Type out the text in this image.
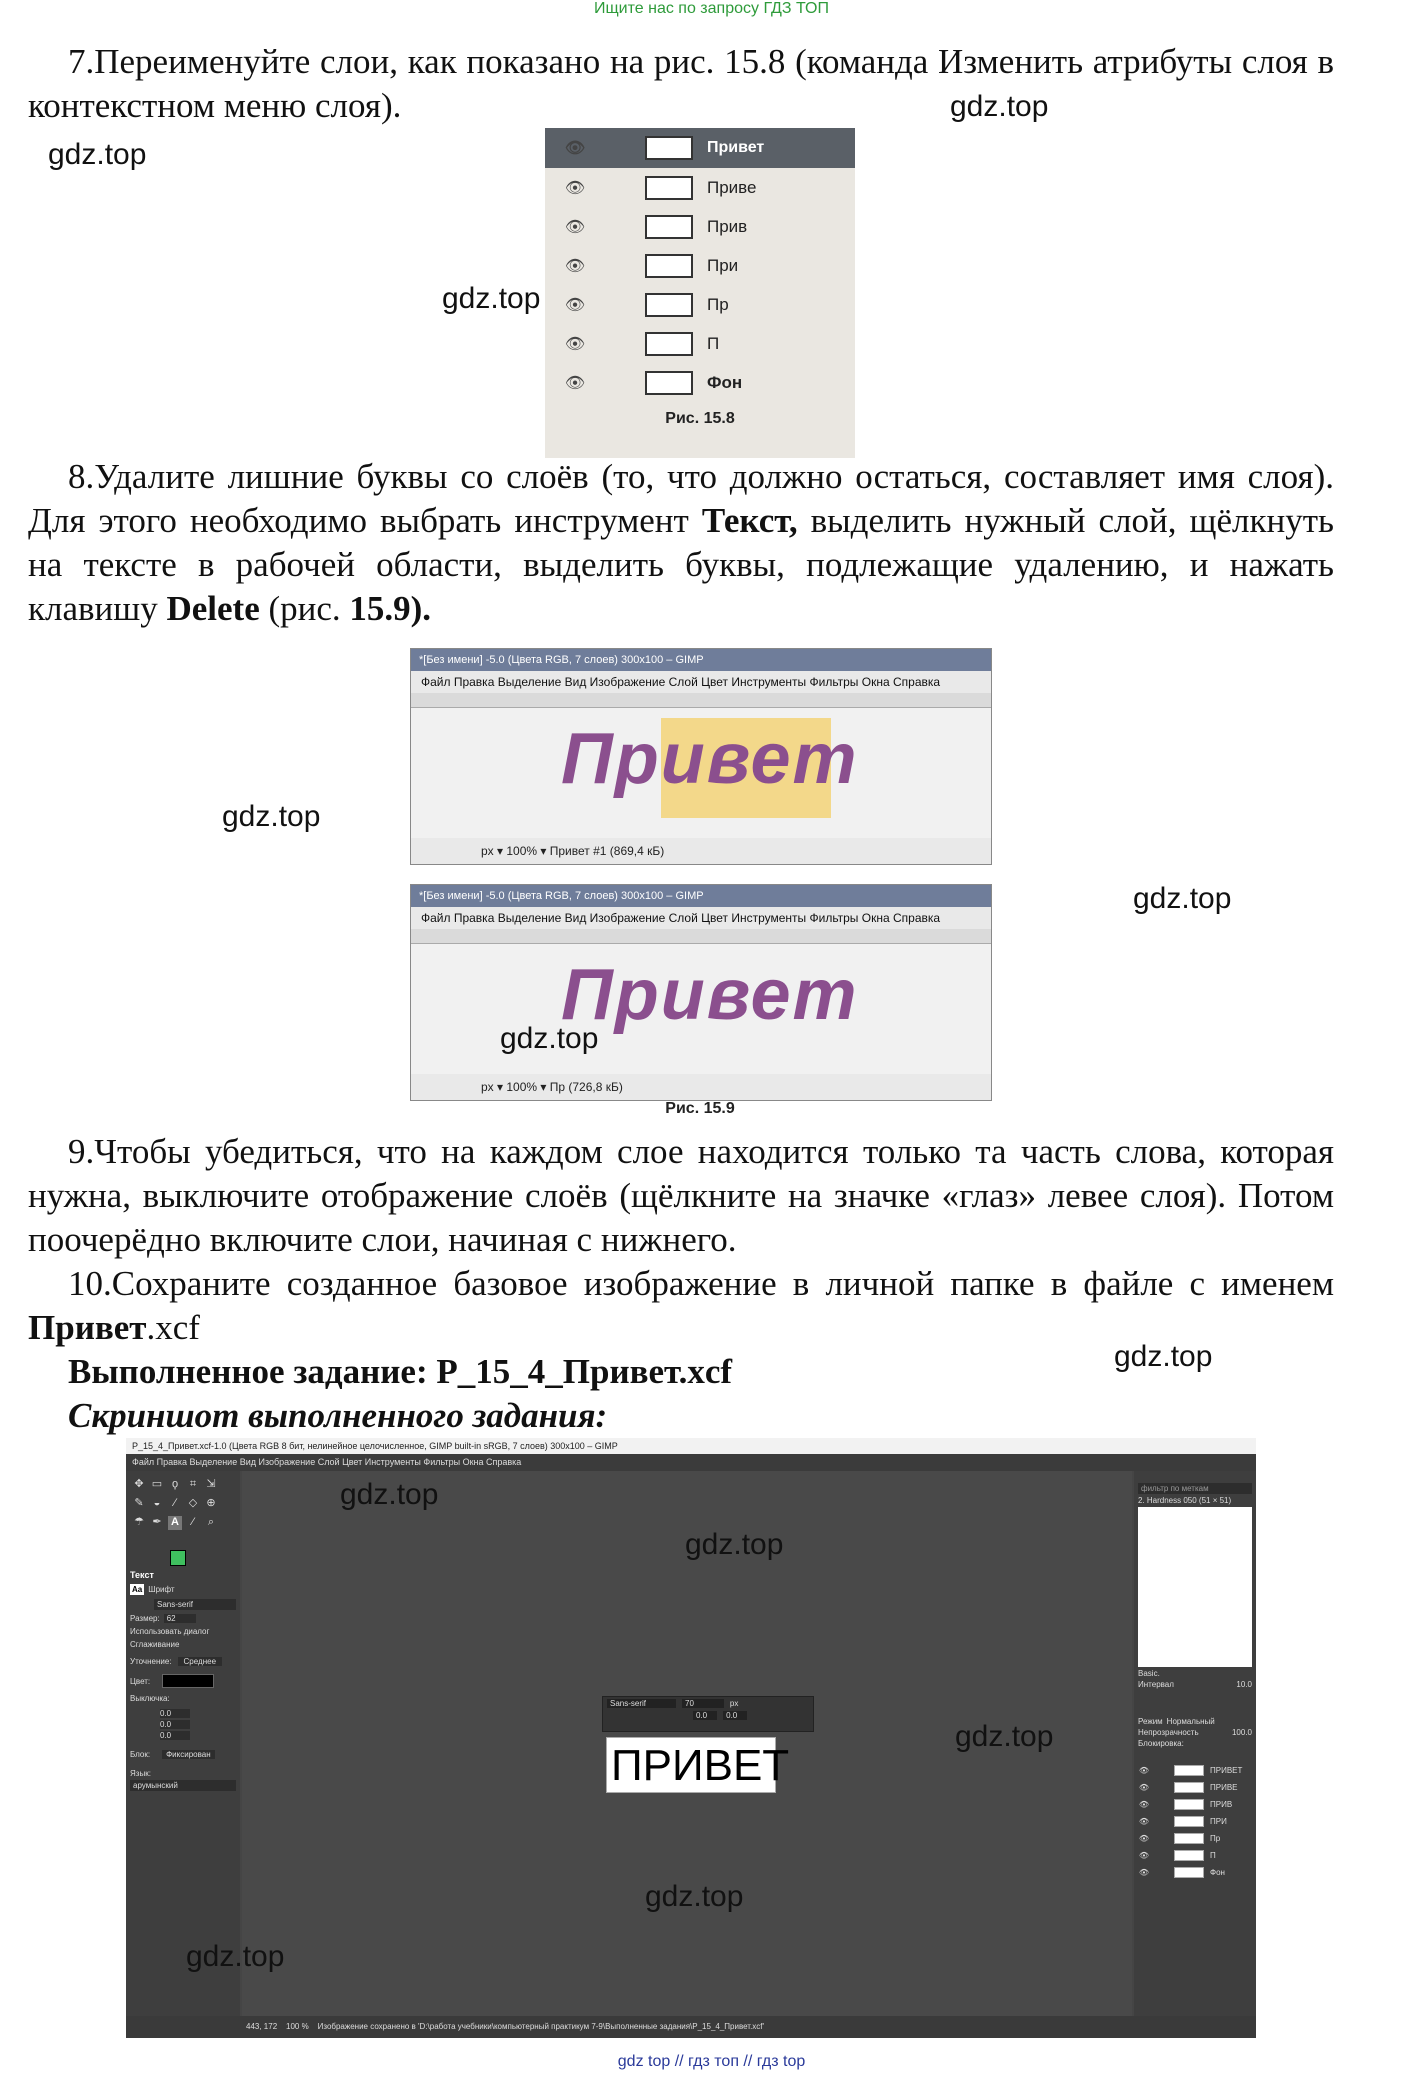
Ищите нас по запросу ГДЗ ТОП
7.Переименуйте слои, как показано на рис. 15.8 (команда Изменить атрибуты слоя в контекстном меню слоя).
👁	Привет
👁	Приве
👁	Прив
👁	При
👁	Пр
👁	П
👁	Фон
Рис. 15.8
gdz.top
gdz.top
gdz.top
8.Удалите лишние буквы со слоёв (то, что должно остаться, составляет имя слоя). Для этого необходимо выбрать инструмент Текст, выделить нужный слой, щёлкнуть на тексте в рабочей области, выделить буквы, подлежащие удалению, и нажать клавишу Delete (рис. 15.9).
*[Без имени] -5.0 (Цвета RGB, 7 слоев) 300x100 – GIMP
Файл Правка Выделение Вид Изображение Слой Цвет Инструменты Фильтры Окна Справка
Привет
px ▾ 100% ▾ Привет #1 (869,4 кБ)
*[Без имени] -5.0 (Цвета RGB, 7 слоев) 300x100 – GIMP
Файл Правка Выделение Вид Изображение Слой Цвет Инструменты Фильтры Окна Справка
Привет
px ▾ 100% ▾ Пр (726,8 кБ)
Рис. 15.9
gdz.top
gdz.top
gdz.top
9.Чтобы убедиться, что на каждом слое находится только та часть слова, которая нужна, выключите отображение слоёв (щёлкните на значке «глаз» левее слоя). Потом поочерёдно включите слои, начиная с нижнего.
10.Сохраните созданное базовое изображение в личной папке в файле с именем Привет.xcf
Выполненное задание: Р_15_4_Привет.xcf	gdz.top
Скриншот выполненного задания:
Р_15_4_Привет.xcf-1.0 (Цвета RGB 8 бит, нелинейное целочисленное, GIMP built-in sRGB, 7 слоев) 300x100 – GIMP
Файл Правка Выделение Вид Изображение Слой Цвет Инструменты Фильтры Окна Справка
✥ ▭ ϙ ⌗ ⇲ ✎ ◒ ∕ ◇ ⊕ ☂ ✒ A ⁄ ⌕
Текст
Aa Шрифт
Sans-serif
Размер: 62
Использовать диалог
Сглаживание
Уточнение:	Среднее
Цвет:
Выключка:
0.0
0.0
0.0
Блок:	Фиксирован
Язык:
арумынский
Sans-serif	70	px
0.0	0.0
ПРИВЕТ
фильтр по меткам
2. Hardness 050 (51 × 51)
Basic.
Интервал	10.0
Режим Нормальный
Непрозрачность	100.0
Блокировка:
👁	ПРИВЕТ
👁	ПРИВЕ
👁	ПРИВ
👁	ПРИ
👁	Пр
👁	П
👁	Фон
443, 172 100 % Изображение сохранено в 'D:\работа учебники\компьютерный практикум 7-9\Выполненные задания\Р_15_4_Привет.xcf'
gdz.top
gdz.top
gdz.top
gdz.top
gdz.top
gdz top // гдз топ // гдз top
